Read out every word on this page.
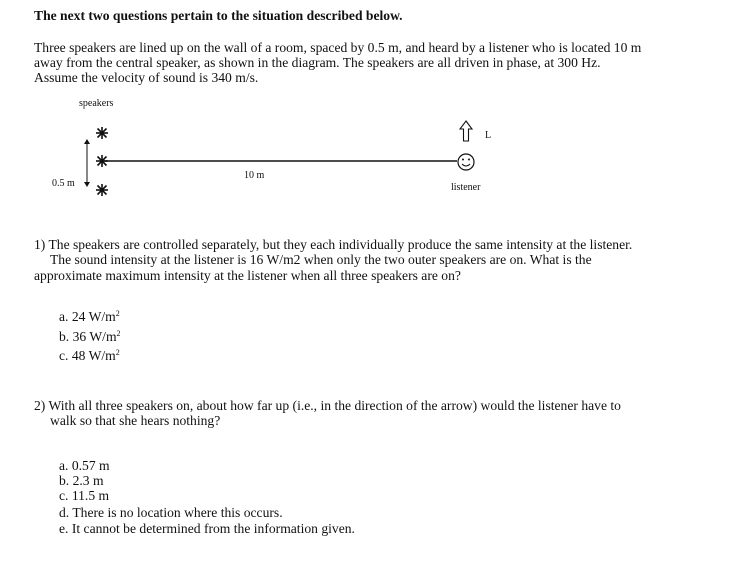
The next two questions pertain to the situation described below.
Three speakers are lined up on the wall of a room, spaced by 0.5 m, and heard by a listener who is located 10 m
away from the central speaker, as shown in the diagram. The speakers are all driven in phase, at 300 Hz.
Assume the velocity of sound is 340 m/s.
speakers
0.5 m
10 m
listener
L
1) The speakers are controlled separately, but they each individually produce the same intensity at the listener.
The sound intensity at the listener is 16 W/m2 when only the two outer speakers are on. What is the
approximate maximum intensity at the listener when all three speakers are on?
a. 24 $W/m^2$
b. 36 $W/m^2$
c. 48 $W/m^2$
2) With all three speakers on, about how far up (i.e., in the direction of the arrow) would the listener have to
walk so that she hears nothing?
a. 0.57 m
b. 2.3 m
c. 11.5 m
d. There is no location where this occurs.
e. It cannot be determined from the information given.
